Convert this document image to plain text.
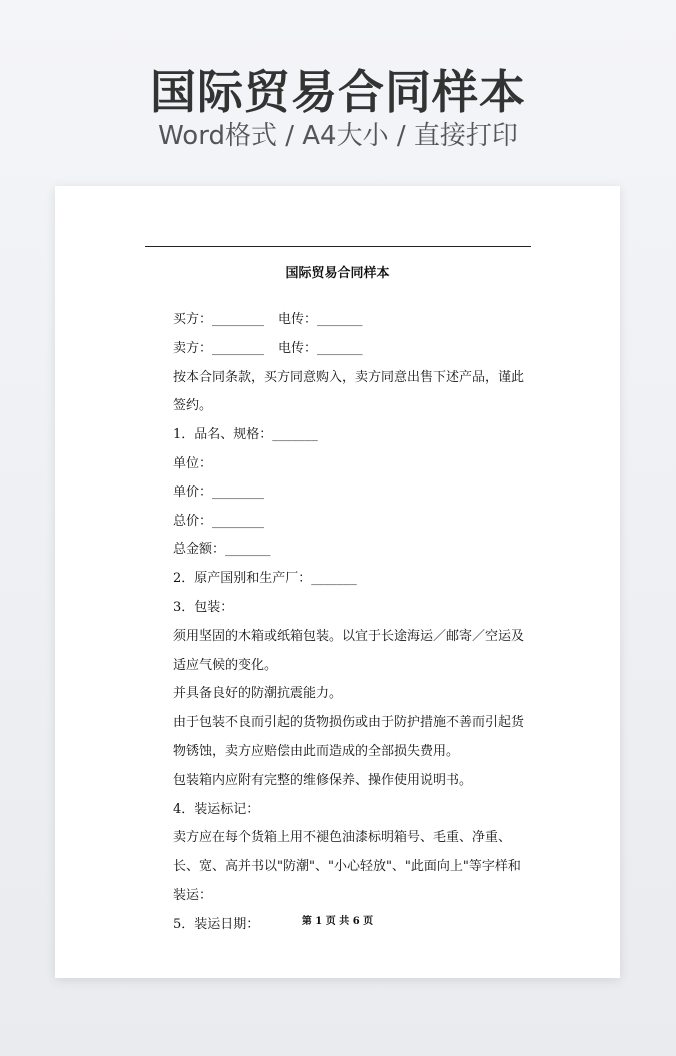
国际贸易合同样本
Word格式 / A4大小 / 直接打印
国际贸易合同样本
买方：________	电传：_______
卖方：________	电传：_______

按本合同条款，买方同意购入，卖方同意出售下述产品，谨此签约。

1．品名、规格：_______

单位：

单价：________

总价：________

总金额：_______

2．原产国别和生产厂：_______

3．包装：

须用坚固的木箱或纸箱包装。以宜于长途海运／邮寄／空运及适应气候的变化。

并具备良好的防潮抗震能力。

由于包装不良而引起的货物损伤或由于防护措施不善而引起货物锈蚀，卖方应赔偿由此而造成的全部损失费用。

包装箱内应附有完整的维修保养、操作使用说明书。

4．装运标记：

卖方应在每个货箱上用不褪色油漆标明箱号、毛重、净重、长、宽、高并书以"防潮"、"小心轻放"、"此面向上"等字样和装运：

5．装运日期：	第 1 页 共 6 页
